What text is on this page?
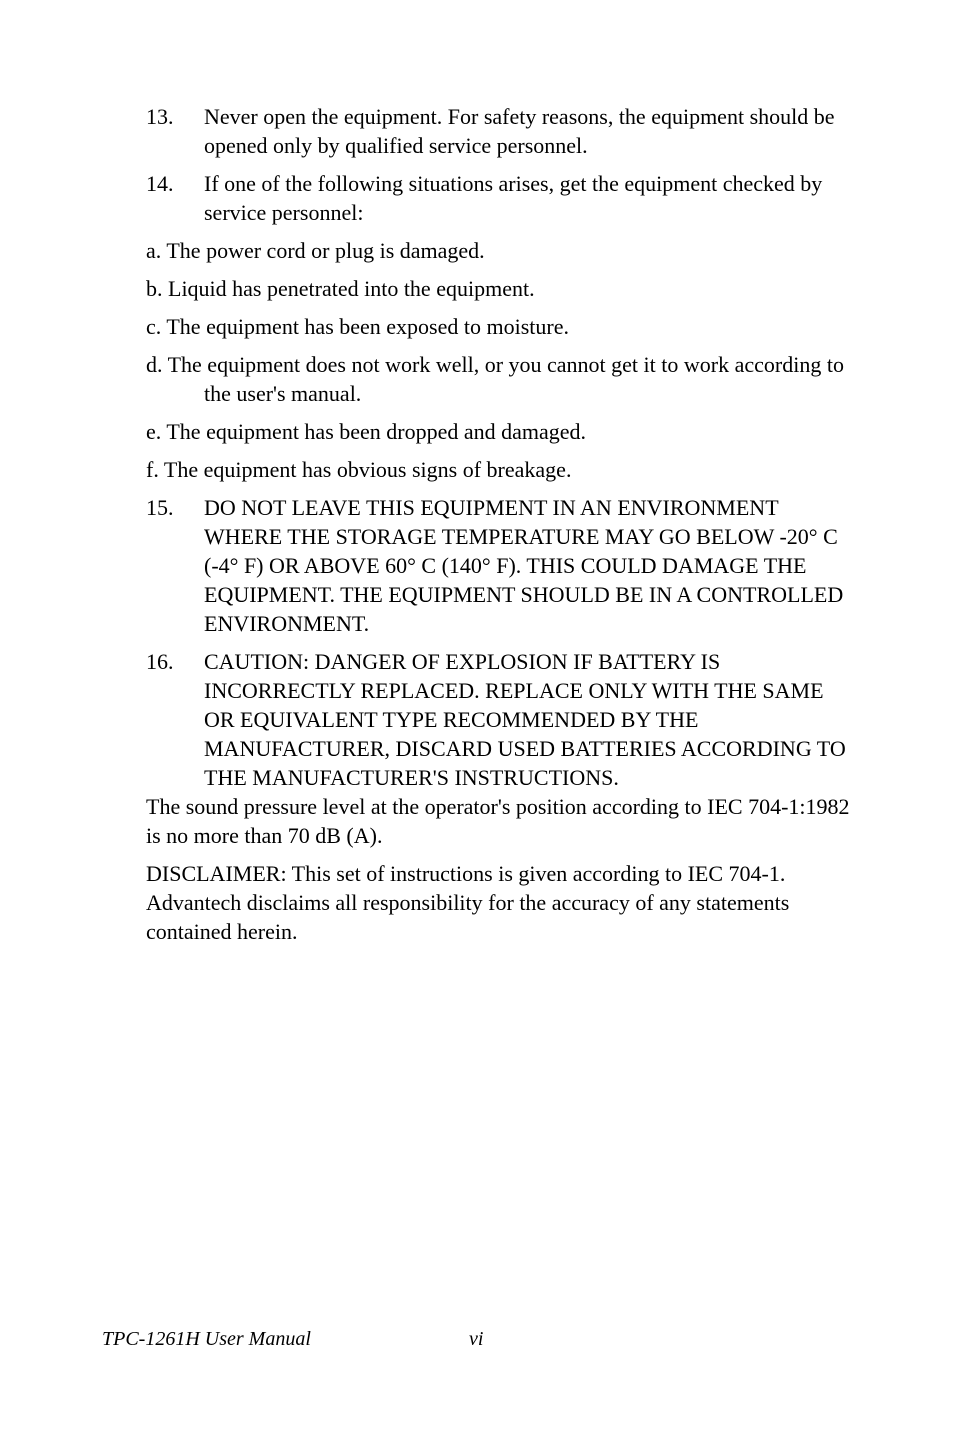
13. Never open the equipment. For safety reasons, the equipment should be opened only by qualified service personnel.
14. If one of the following situations arises, get the equipment checked by service personnel:
a. The power cord or plug is damaged.
b. Liquid has penetrated into the equipment.
c. The equipment has been exposed to moisture.
d. The equipment does not work well, or you cannot get it to work according to the user's manual.
e. The equipment has been dropped and damaged.
f. The equipment has obvious signs of breakage.
15. DO NOT LEAVE THIS EQUIPMENT IN AN ENVIRONMENT WHERE THE STORAGE TEMPERATURE MAY GO BELOW -20° C (-4° F) OR ABOVE 60° C (140° F). THIS COULD DAMAGE THE EQUIPMENT. THE EQUIPMENT SHOULD BE IN A CONTROLLED ENVIRONMENT.
16. CAUTION: DANGER OF EXPLOSION IF BATTERY IS INCORRECTLY REPLACED. REPLACE ONLY WITH THE SAME OR EQUIVALENT TYPE RECOMMENDED BY THE MANUFACTURER, DISCARD USED BATTERIES ACCORDING TO THE MANUFACTURER'S INSTRUCTIONS.
The sound pressure level at the operator's position according to IEC 704-1:1982 is no more than 70 dB (A).
DISCLAIMER: This set of instructions is given according to IEC 704-1. Advantech disclaims all responsibility for the accuracy of any statements contained herein.
TPC-1261H User Manual	vi
